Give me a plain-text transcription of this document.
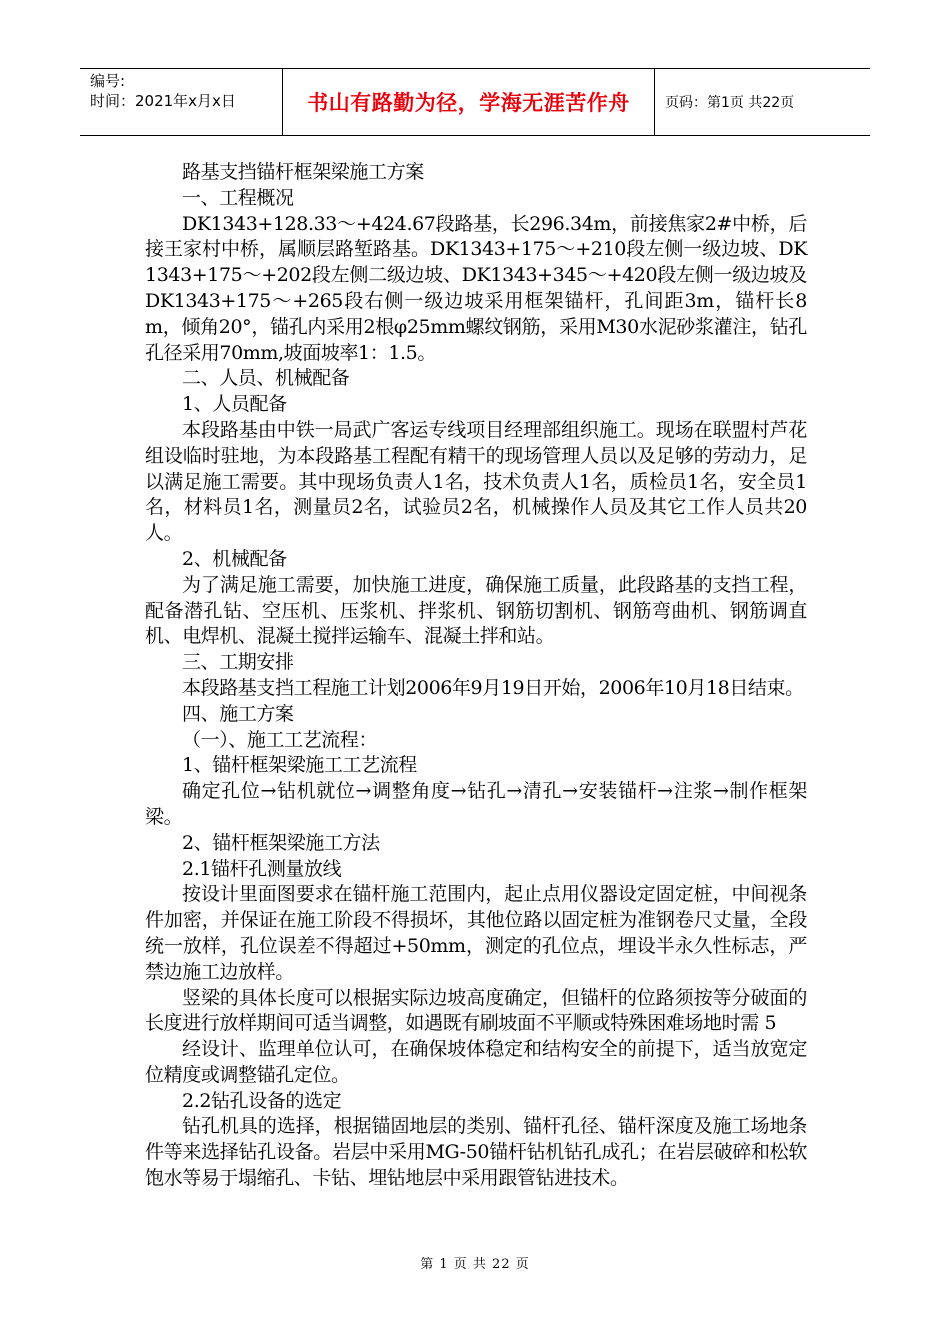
编号:
时间：2021年x月x日	书山有路勤为径，学海无涯苦作舟	页码：第1页 共22页

路基支挡锚杆框架梁施工方案

一、工程概况

DK1343+128.33～+424.67段路基，长296.34m，前接焦家2#中桥，后接王家村中桥，属顺层路堑路基。DK1343+175～+210段左侧一级边坡、DK1343+175～+202段左侧二级边坡、DK1343+345～+420段左侧一级边坡及DK1343+175～+265段右侧一级边坡采用框架锚杆，孔间距3m，锚杆长8m，倾角20°，锚孔内采用2根φ25mm螺纹钢筋，采用M30水泥砂浆灌注，钻孔孔径采用70mm,坡面坡率1：1.5。

二、人员、机械配备

1、人员配备

本段路基由中铁一局武广客运专线项目经理部组织施工。现场在联盟村芦花组设临时驻地，为本段路基工程配有精干的现场管理人员以及足够的劳动力，足以满足施工需要。其中现场负责人1名，技术负责人1名，质检员1名，安全员1名，材料员1名，测量员2名，试验员2名，机械操作人员及其它工作人员共20人。

2、机械配备

为了满足施工需要，加快施工进度，确保施工质量，此段路基的支挡工程，配备潜孔钻、空压机、压浆机、拌浆机、钢筋切割机、钢筋弯曲机、钢筋调直机、电焊机、混凝土搅拌运输车、混凝土拌和站。

三、工期安排

本段路基支挡工程施工计划2006年9月19日开始，2006年10月18日结束。

四、施工方案

（一）、施工工艺流程：

1、锚杆框架梁施工工艺流程

确定孔位→钻机就位→调整角度→钻孔→清孔→安装锚杆→注浆→制作框架梁。

2、锚杆框架梁施工方法

2.1锚杆孔测量放线

按设计里面图要求在锚杆施工范围内，起止点用仪器设定固定桩，中间视条件加密，并保证在施工阶段不得损坏，其他位路以固定桩为准钢卷尺丈量，全段统一放样，孔位误差不得超过+50mm，测定的孔位点，埋设半永久性标志，严禁边施工边放样。

竖梁的具体长度可以根据实际边坡高度确定，但锚杆的位路须按等分破面的长度进行放样期间可适当调整，如遇既有刷坡面不平顺或特殊困难场地时需 5

经设计、监理单位认可，在确保坡体稳定和结构安全的前提下，适当放宽定位精度或调整锚孔定位。

2.2钻孔设备的选定

钻孔机具的选择，根据锚固地层的类别、锚杆孔径、锚杆深度及施工场地条件等来选择钻孔设备。岩层中采用MG-50锚杆钻机钻孔成孔；在岩层破碎和松软饱水等易于塌缩孔、卡钻、埋钻地层中采用跟管钻进技术。

第 1 页 共 22 页
